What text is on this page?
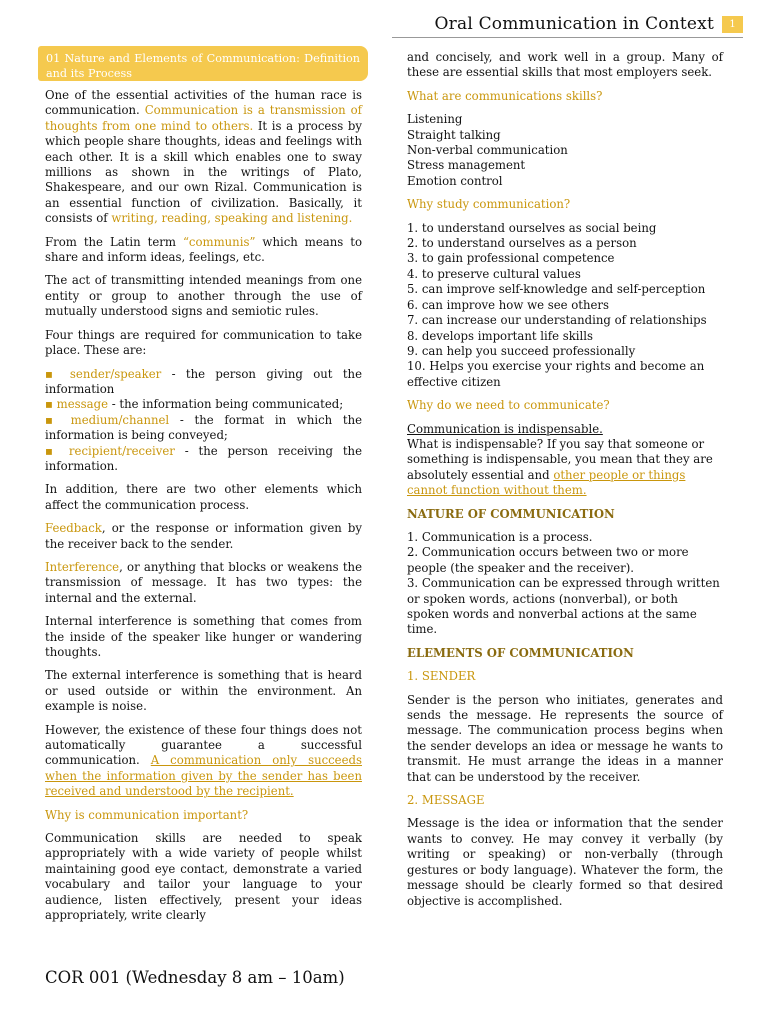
Oral Communication in Context	1
01 Nature and Elements of Communication: Definition and its Process

One of the essential activities of the human race is communication. Communication is a transmission of thoughts from one mind to others. It is a process by which people share thoughts, ideas and feelings with each other. It is a skill which enables one to sway millions as shown in the writings of Plato, Shakespeare, and our own Rizal. Communication is an essential function of civilization. Basically, it consists of writing, reading, speaking and listening.

From the Latin term “communis” which means to share and inform ideas, feelings, etc.

The act of transmitting intended meanings from one entity or group to another through the use of mutually understood signs and semiotic rules.

Four things are required for communication to take place. These are:

▪ sender/speaker - the person giving out the information
▪ message - the information being communicated;
▪ medium/channel - the format in which the information is being conveyed;
▪ recipient/receiver - the person receiving the information.

In addition, there are two other elements which affect the communication process.

Feedback, or the response or information given by the receiver back to the sender.

Interference, or anything that blocks or weakens the transmission of message. It has two types: the internal and the external.

Internal interference is something that comes from the inside of the speaker like hunger or wandering thoughts.

The external interference is something that is heard or used outside or within the environment. An example is noise.

However, the existence of these four things does not automatically guarantee a successful communication. A communication only succeeds when the information given by the sender has been received and understood by the recipient.

Why is communication important?

Communication skills are needed to speak appropriately with a wide variety of people whilst maintaining good eye contact, demonstrate a varied vocabulary and tailor your language to your audience, listen effectively, present your ideas appropriately, write clearly

and concisely, and work well in a group. Many of these are essential skills that most employers seek.

What are communications skills?
Listening
Straight talking
Non-verbal communication
Stress management
Emotion control
Why study communication?
1. to understand ourselves as social being
2. to understand ourselves as a person
3. to gain professional competence
4. to preserve cultural values
5. can improve self-knowledge and self-perception
6. can improve how we see others
7. can increase our understanding of relationships
8. develops important life skills
9. can help you succeed professionally
10. Helps you exercise your rights and become an effective citizen
Why do we need to communicate?
Communication is indispensable.

What is indispensable? If you say that someone or something is indispensable, you mean that they are absolutely essential and other people or things cannot function without them.

NATURE OF COMMUNICATION
1. Communication is a process.
2. Communication occurs between two or more people (the speaker and the receiver).
3. Communication can be expressed through written or spoken words, actions (nonverbal), or both spoken words and nonverbal actions at the same time.
ELEMENTS OF COMMUNICATION
1. SENDER

Sender is the person who initiates, generates and sends the message. He represents the source of message. The communication process begins when the sender develops an idea or message he wants to transmit. He must arrange the ideas in a manner that can be understood by the receiver.

2. MESSAGE

Message is the idea or information that the sender wants to convey. He may convey it verbally (by writing or speaking) or non-verbally (through gestures or body language). Whatever the form, the message should be clearly formed so that desired objective is accomplished.

COR 001 (Wednesday 8 am – 10am)
